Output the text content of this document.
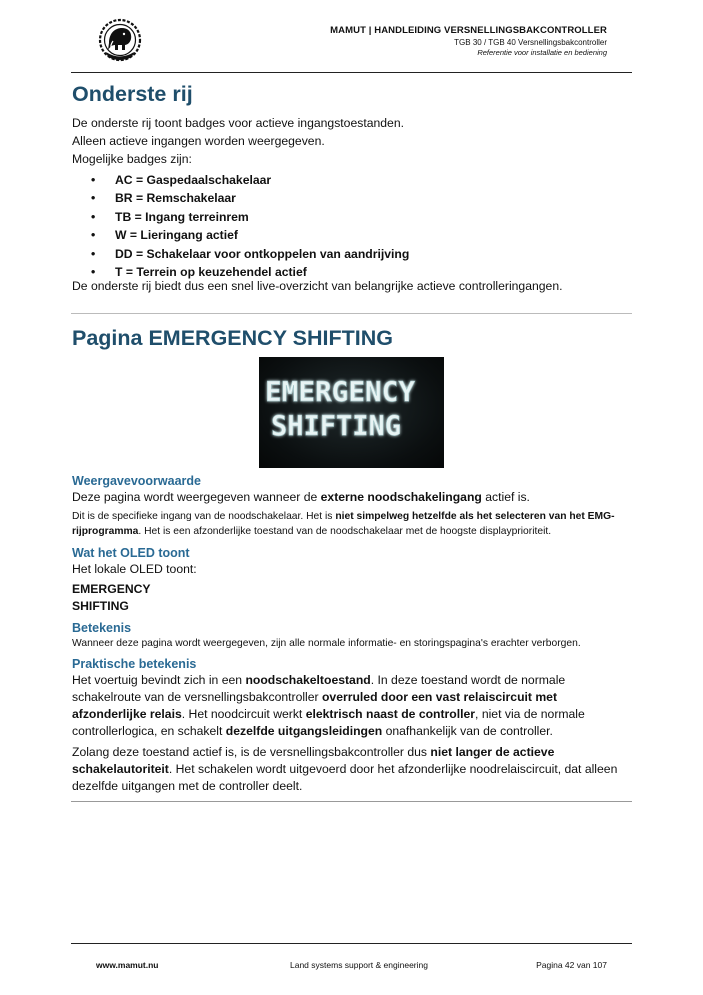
MAMUT | HANDLEIDING VERSNELLINGSBAKCONTROLLER
TGB 30 / TGB 40 Versnellingsbakcontroller
Referentie voor installatie en bediening
Onderste rij

De onderste rij toont badges voor actieve ingangstoestanden.

Alleen actieve ingangen worden weergegeven.

Mogelijke badges zijn:

• AC = Gaspedaalschakelaar
• BR = Remschakelaar
• TB = Ingang terreinrem
• W = Lieringang actief
• DD = Schakelaar voor ontkoppelen van aandrijving
• T = Terrein op keuzehendel actief

De onderste rij biedt dus een snel live-overzicht van belangrijke actieve controlleringangen.

Pagina EMERGENCY SHIFTING
EMERGENCY
SHIFTING
Weergavevoorwaarde

Deze pagina wordt weergegeven wanneer de externe noodschakelingang actief is.

Dit is de specifieke ingang van de noodschakelaar. Het is niet simpelweg hetzelfde als het selecteren van het EMG-rijprogramma. Het is een afzonderlijke toestand van de noodschakelaar met de hoogste displayprioriteit.

Wat het OLED toont

Het lokale OLED toont:

EMERGENCY

SHIFTING

Betekenis

Wanneer deze pagina wordt weergegeven, zijn alle normale informatie- en storingspagina's erachter verborgen.

Praktische betekenis

Het voertuig bevindt zich in een noodschakeltoestand. In deze toestand wordt de normale schakelroute van de versnellingsbakcontroller overruled door een vast relaiscircuit met afzonderlijke relais. Het noodcircuit werkt elektrisch naast de controller, niet via de normale controllerlogica, en schakelt dezelfde uitgangsleidingen onafhankelijk van de controller.

Zolang deze toestand actief is, is de versnellingsbakcontroller dus niet langer de actieve schakelautoriteit. Het schakelen wordt uitgevoerd door het afzonderlijke noodrelaiscircuit, dat alleen dezelfde uitgangen met de controller deelt.

www.mamut.nu	Land systems support & engineering	Pagina 42 van 107
